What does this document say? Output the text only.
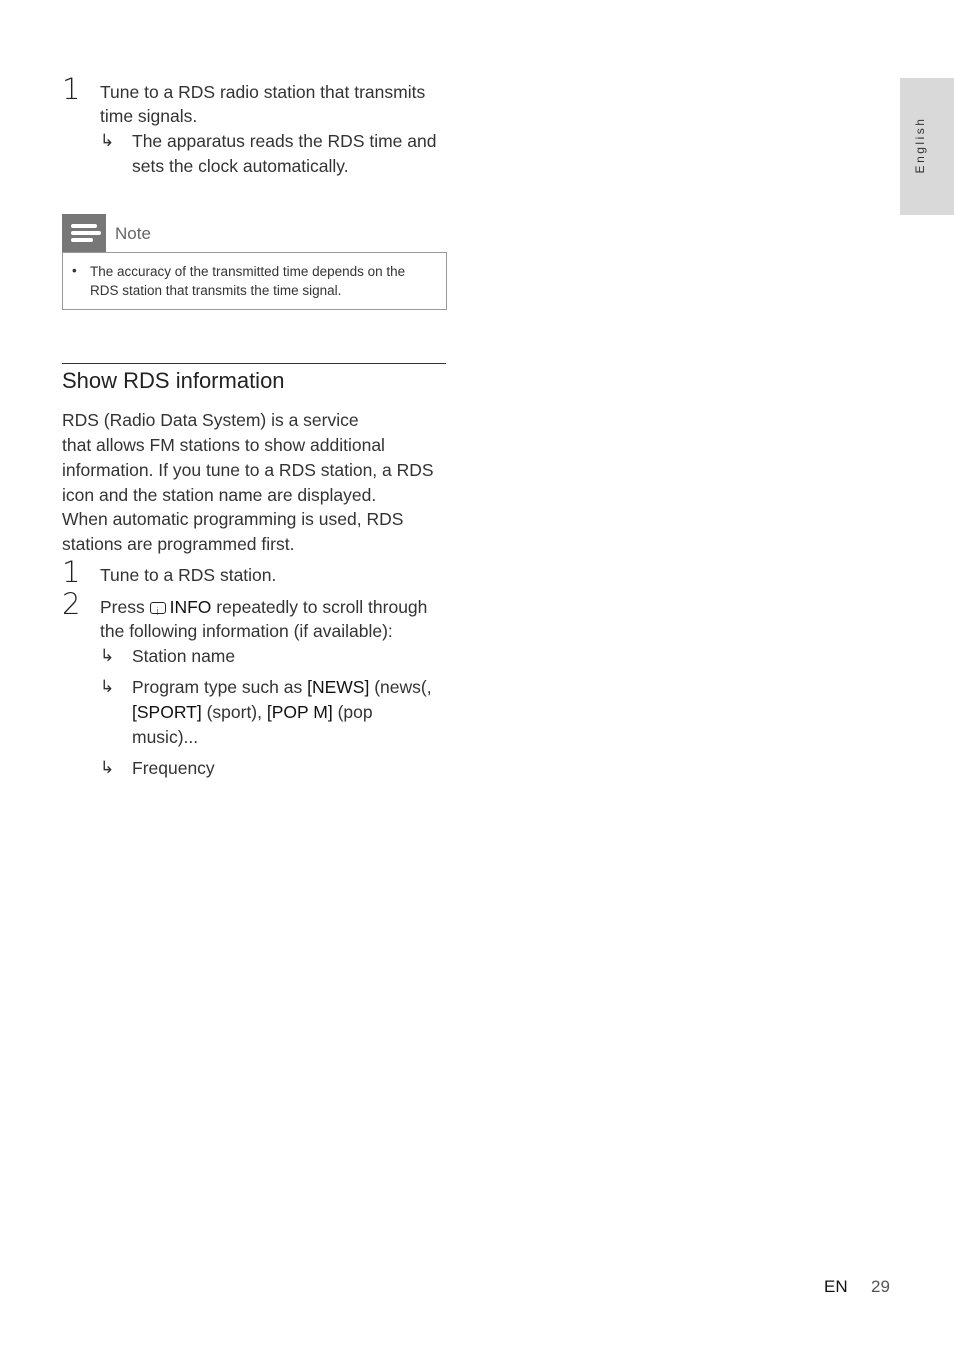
English
1 Tune to a RDS radio station that transmits
time signals.
↳ The apparatus reads the RDS time and
sets the clock automatically.
Note
• The accuracy of the transmitted time depends on the
RDS station that transmits the time signal.
Show RDS information
RDS (Radio Data System) is a service
that allows FM stations to show additional
information. If you tune to a RDS station, a RDS
icon and the station name are displayed.
When automatic programming is used, RDS
stations are programmed first.
1 Tune to a RDS station.
2 Press i INFO repeatedly to scroll through
the following information (if available):
↳ Station name
↳ Program type such as [NEWS] (news(,
[SPORT] (sport), [POP M] (pop
music)...
↳ Frequency
EN 29
